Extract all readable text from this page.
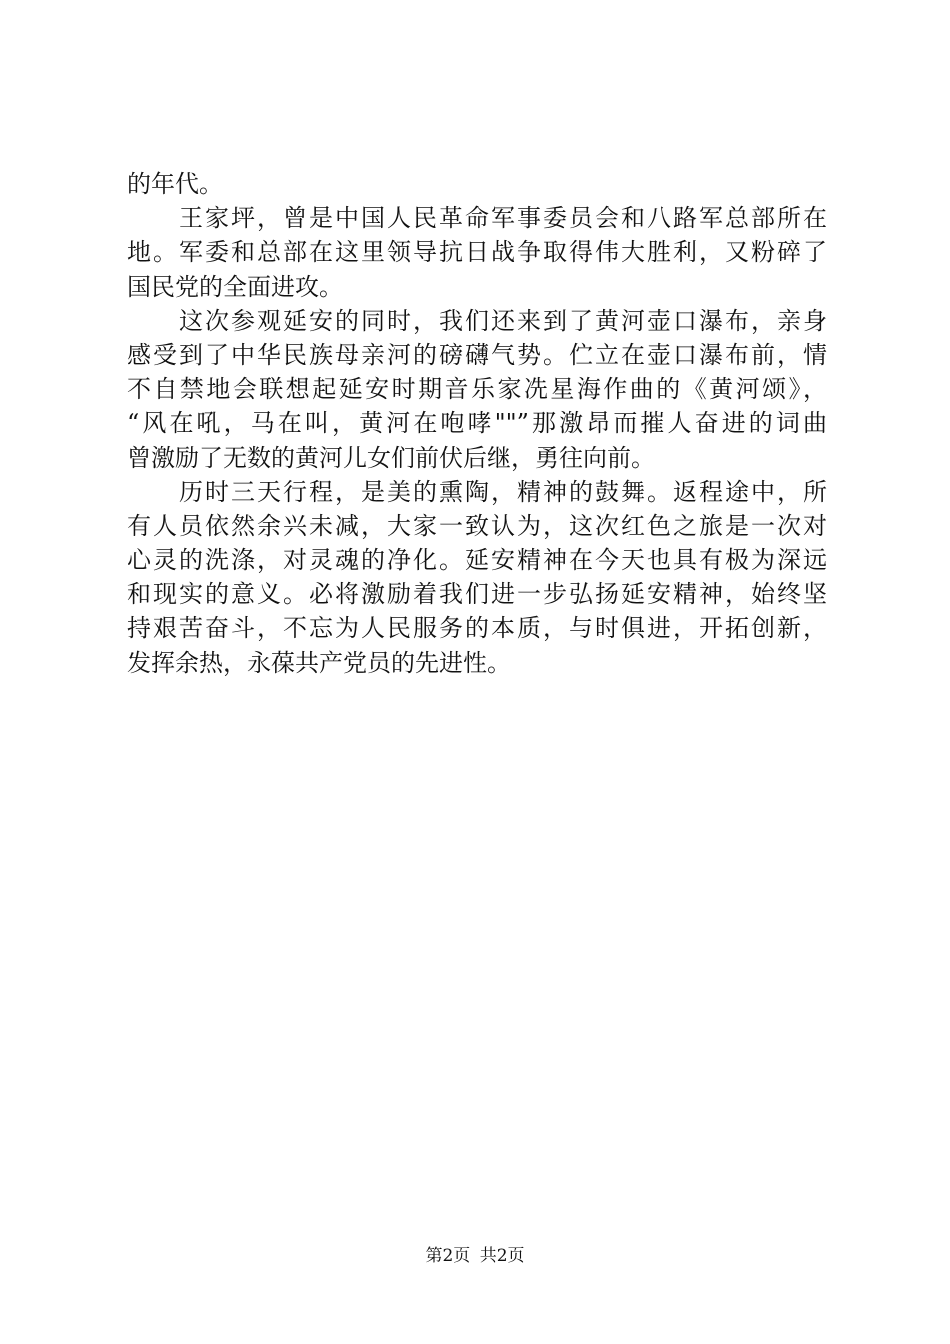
的年代。
王家坪，曾是中国人民革命军事委员会和八路军总部所在
地。军委和总部在这里领导抗日战争取得伟大胜利，又粉碎了
国民党的全面进攻。
这次参观延安的同时，我们还来到了黄河壶口瀑布，亲身
感受到了中华民族母亲河的磅礴气势。伫立在壶口瀑布前，情
不自禁地会联想起延安时期音乐家冼星海作曲的《黄河颂》，
“风在吼，马在叫，黄河在咆哮""”那激昂而摧人奋进的词曲
曾激励了无数的黄河儿女们前伏后继，勇往向前。
历时三天行程，是美的熏陶，精神的鼓舞。返程途中，所
有人员依然余兴未减，大家一致认为，这次红色之旅是一次对
心灵的洗涤，对灵魂的净化。延安精神在今天也具有极为深远
和现实的意义。必将激励着我们进一步弘扬延安精神，始终坚
持艰苦奋斗，不忘为人民服务的本质，与时俱进，开拓创新，
发挥余热，永葆共产党员的先进性。
第2页 共2页
